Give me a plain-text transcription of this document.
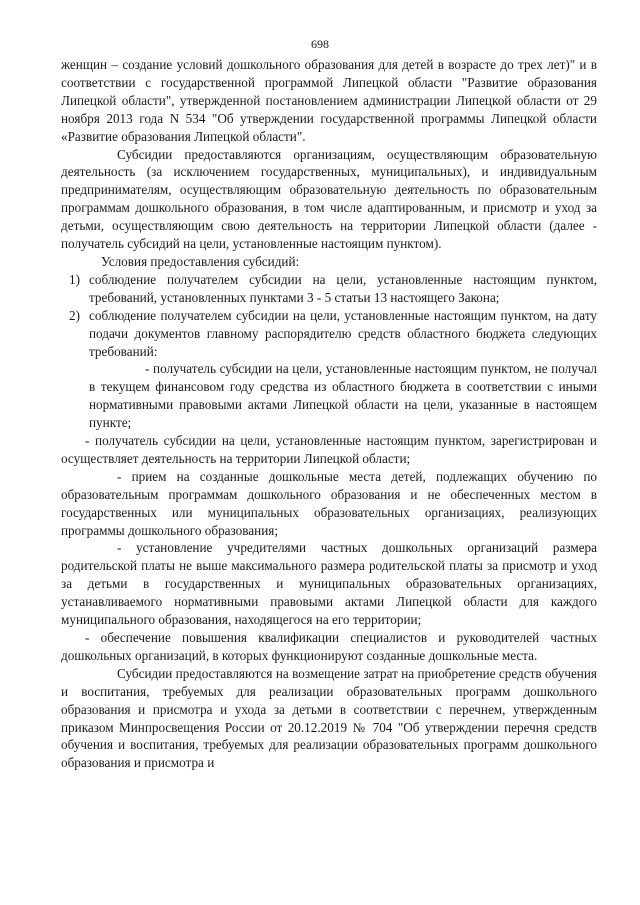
698

женщин – создание условий дошкольного образования для детей в возрасте до трех лет)" и в соответствии с государственной программой Липецкой области "Развитие образования Липецкой области", утвержденной постановлением администрации Липецкой области от 29 ноября 2013 года N 534 "Об утверждении государственной программы Липецкой области «Развитие образования Липецкой области".

Субсидии предоставляются организациям, осуществляющим образовательную деятельность (за исключением государственных, муниципальных), и индивидуальным предпринимателям, осуществляющим образовательную деятельность по образовательным программам дошкольного образования, в том числе адаптированным, и присмотр и уход за детьми, осуществляющим свою деятельность на территории Липецкой области (далее - получатель субсидий на цели, установленные настоящим пунктом).

Условия предоставления субсидий:

1) соблюдение получателем субсидии на цели, установленные настоящим пунктом, требований, установленных пунктами 3 - 5 статьи 13 настоящего Закона;

2) соблюдение получателем субсидии на цели, установленные настоящим пунктом, на дату подачи документов главному распорядителю средств областного бюджета следующих требований:

- получатель субсидии на цели, установленные настоящим пунктом, не получал в текущем финансовом году средства из областного бюджета в соответствии с иными нормативными правовыми актами Липецкой области на цели, указанные в настоящем пункте;

- получатель субсидии на цели, установленные настоящим пунктом, зарегистрирован и осуществляет деятельность на территории Липецкой области;

- прием на созданные дошкольные места детей, подлежащих обучению по образовательным программам дошкольного образования и не обеспеченных местом в государственных или муниципальных образовательных организациях, реализующих программы дошкольного образования;

- установление учредителями частных дошкольных организаций размера родительской платы не выше максимального размера родительской платы за присмотр и уход за детьми в государственных и муниципальных образовательных организациях, устанавливаемого нормативными правовыми актами Липецкой области для каждого муниципального образования, находящегося на его территории;

- обеспечение повышения квалификации специалистов и руководителей частных дошкольных организаций, в которых функционируют созданные дошкольные места.

Субсидии предоставляются на возмещение затрат на приобретение средств обучения и воспитания, требуемых для реализации образовательных программ дошкольного образования и присмотра и ухода за детьми в соответствии с перечнем, утвержденным приказом Минпросвещения России от 20.12.2019 № 704 "Об утверждении перечня средств обучения и воспитания, требуемых для реализации образовательных программ дошкольного образования и присмотра и
